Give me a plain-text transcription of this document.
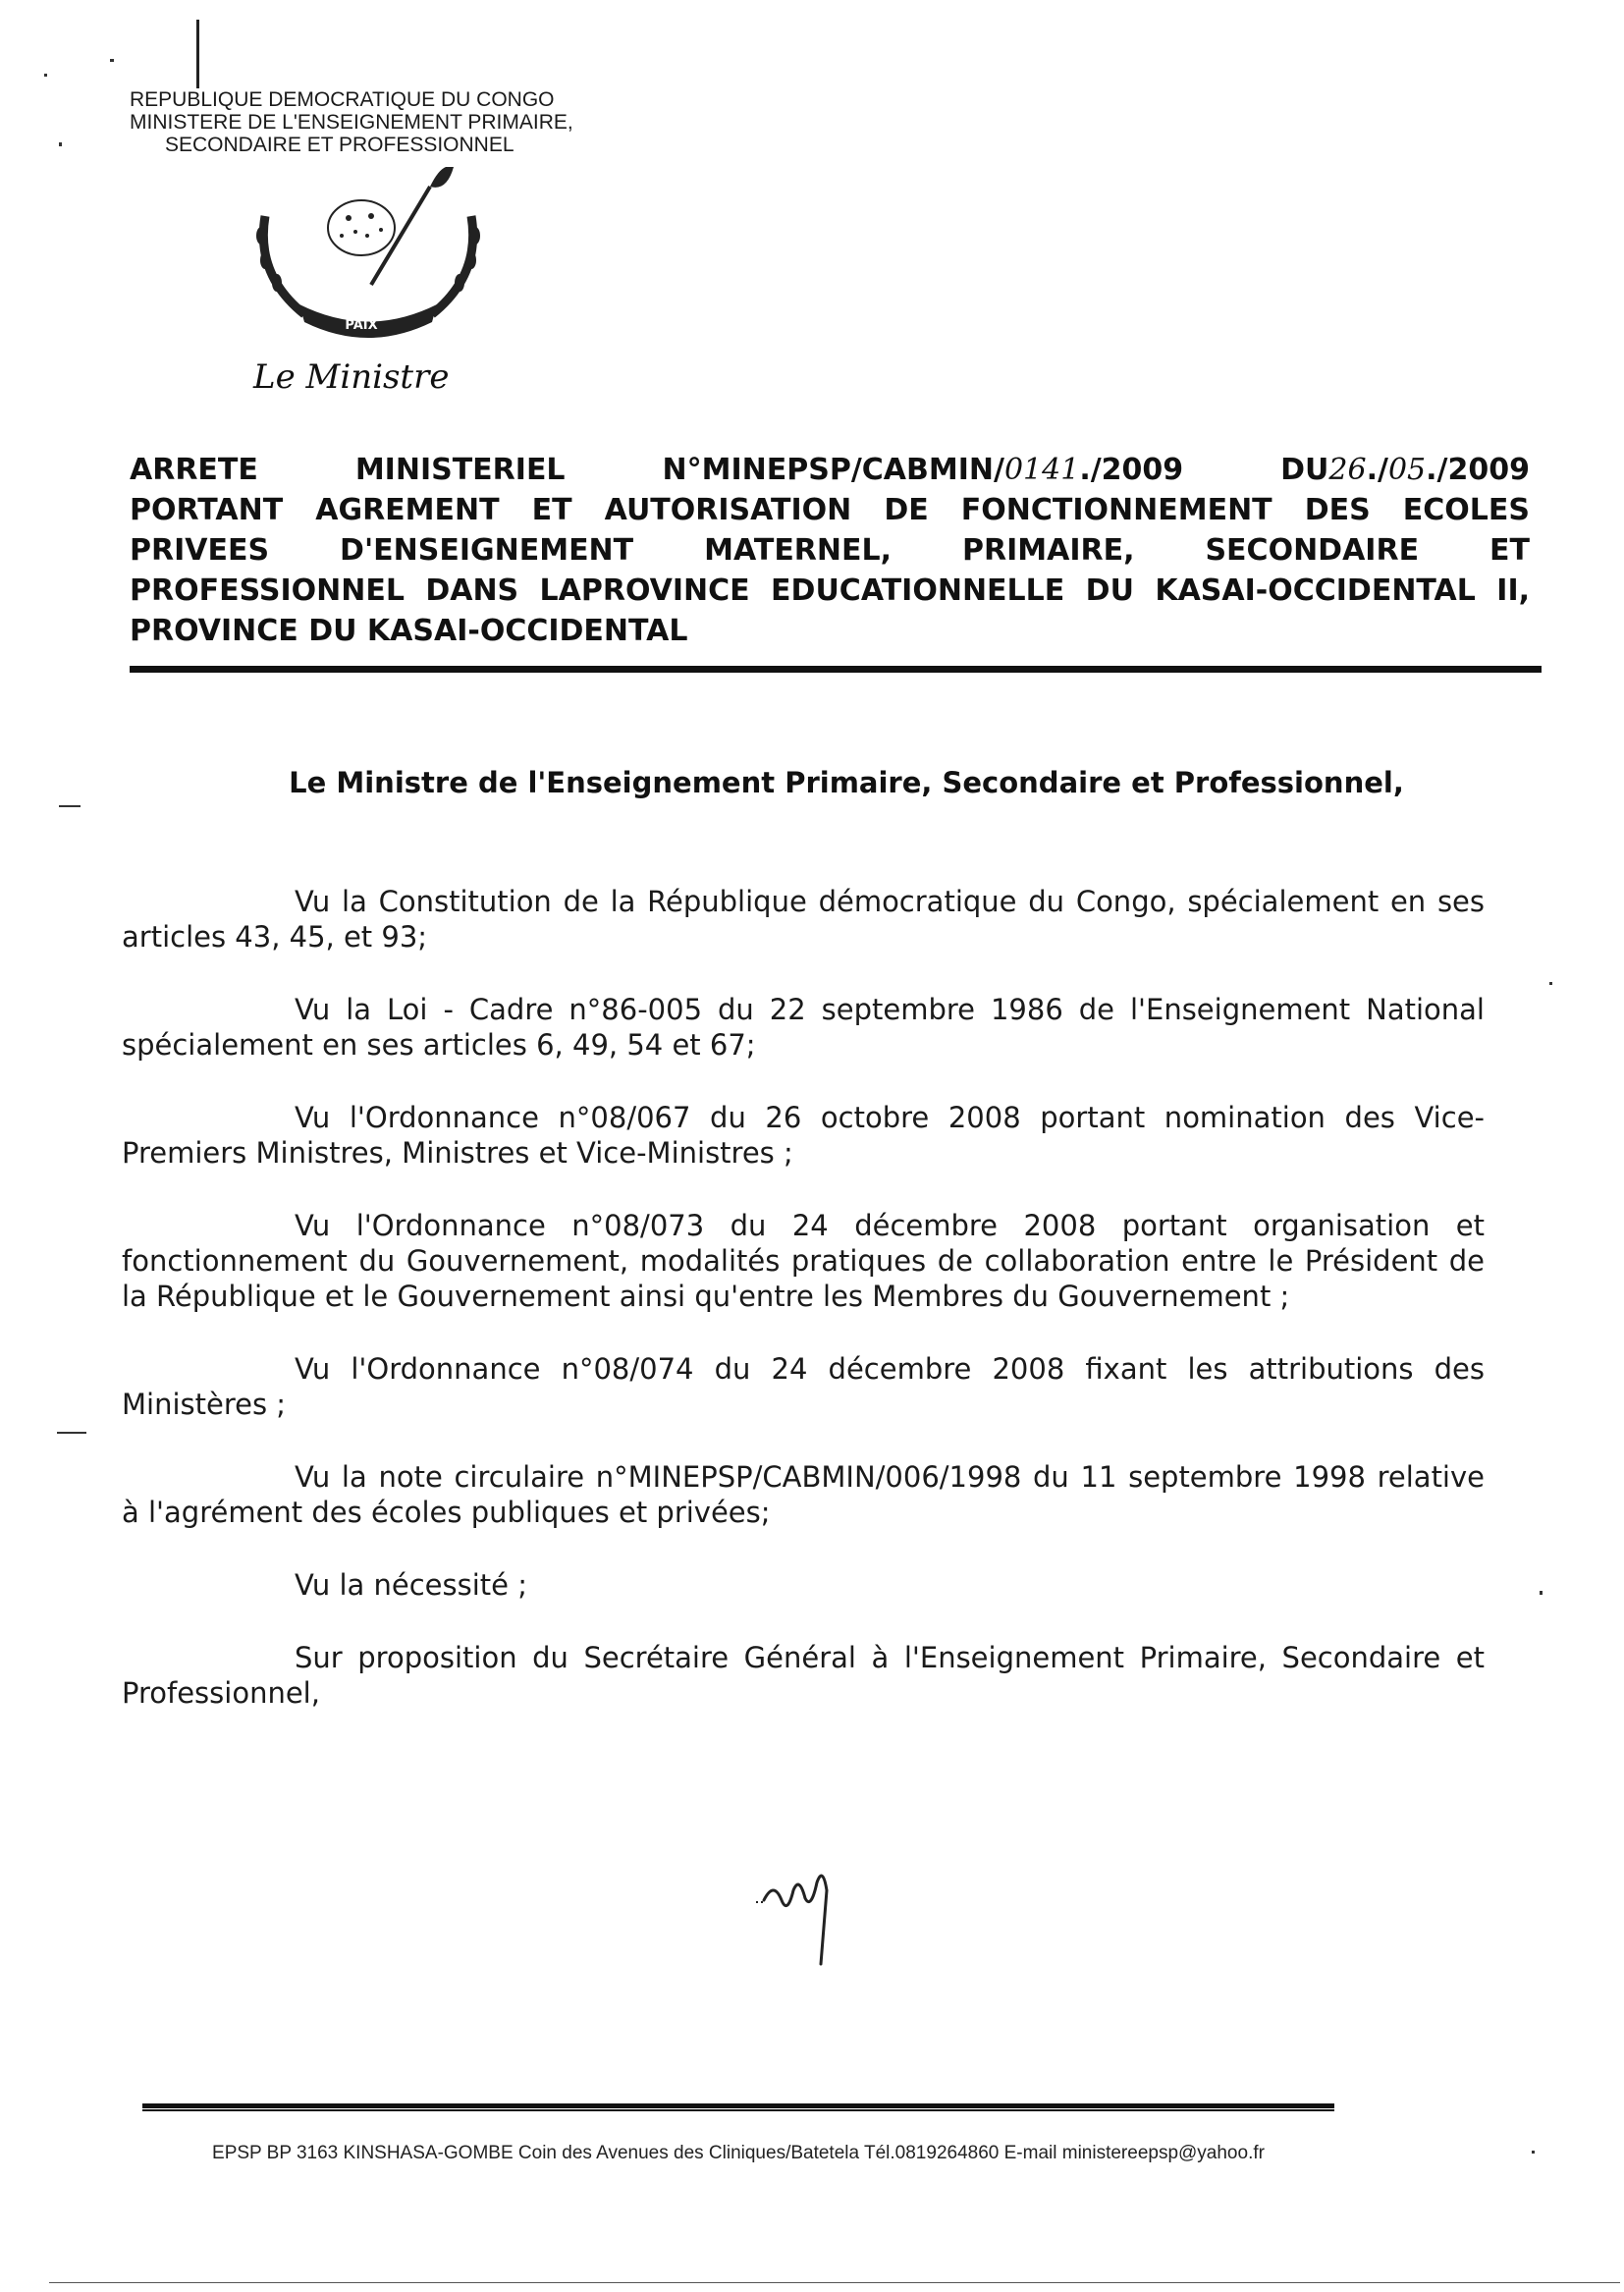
REPUBLIQUE DEMOCRATIQUE DU CONGO
MINISTERE DE L'ENSEIGNEMENT PRIMAIRE,
SECONDAIRE ET PROFESSIONNEL
PAIX
Le Ministre
ARRETE	MINISTERIEL	N°MINEPSP/CABMIN/0141./2009	DU26./05./2009
PORTANT AGREMENT ET AUTORISATION DE FONCTIONNEMENT DES ECOLES
PRIVEES D'ENSEIGNEMENT MATERNEL, PRIMAIRE, SECONDAIRE ET
PROFESSIONNEL DANS LAPROVINCE EDUCATIONNELLE DU KASAI-OCCIDENTAL II,
PROVINCE DU KASAI-OCCIDENTAL
Le Ministre de l'Enseignement Primaire, Secondaire et Professionnel,

Vu la Constitution de la République démocratique du Congo, spécialement en ses articles 43, 45, et 93;

Vu la Loi - Cadre n°86-005 du 22 septembre 1986 de l'Enseignement National spécialement en ses articles 6, 49, 54 et 67;

Vu l'Ordonnance n°08/067 du 26 octobre 2008 portant nomination des Vice-Premiers Ministres, Ministres et Vice-Ministres ;

Vu l'Ordonnance n°08/073 du 24 décembre 2008 portant organisation et fonctionnement du Gouvernement, modalités pratiques de collaboration entre le Président de la République et le Gouvernement ainsi qu'entre les Membres du Gouvernement ;

Vu l'Ordonnance n°08/074 du 24 décembre 2008 fixant les attributions des Ministères ;

Vu la note circulaire n°MINEPSP/CABMIN/006/1998 du 11 septembre 1998 relative à l'agrément des écoles publiques et privées;

Vu la nécessité ;

Sur proposition du Secrétaire Général à l'Enseignement Primaire, Secondaire et Professionnel,

EPSP BP 3163 KINSHASA-GOMBE Coin des Avenues des Cliniques/Batetela Tél.0819264860 E-mail ministereepsp@yahoo.fr
